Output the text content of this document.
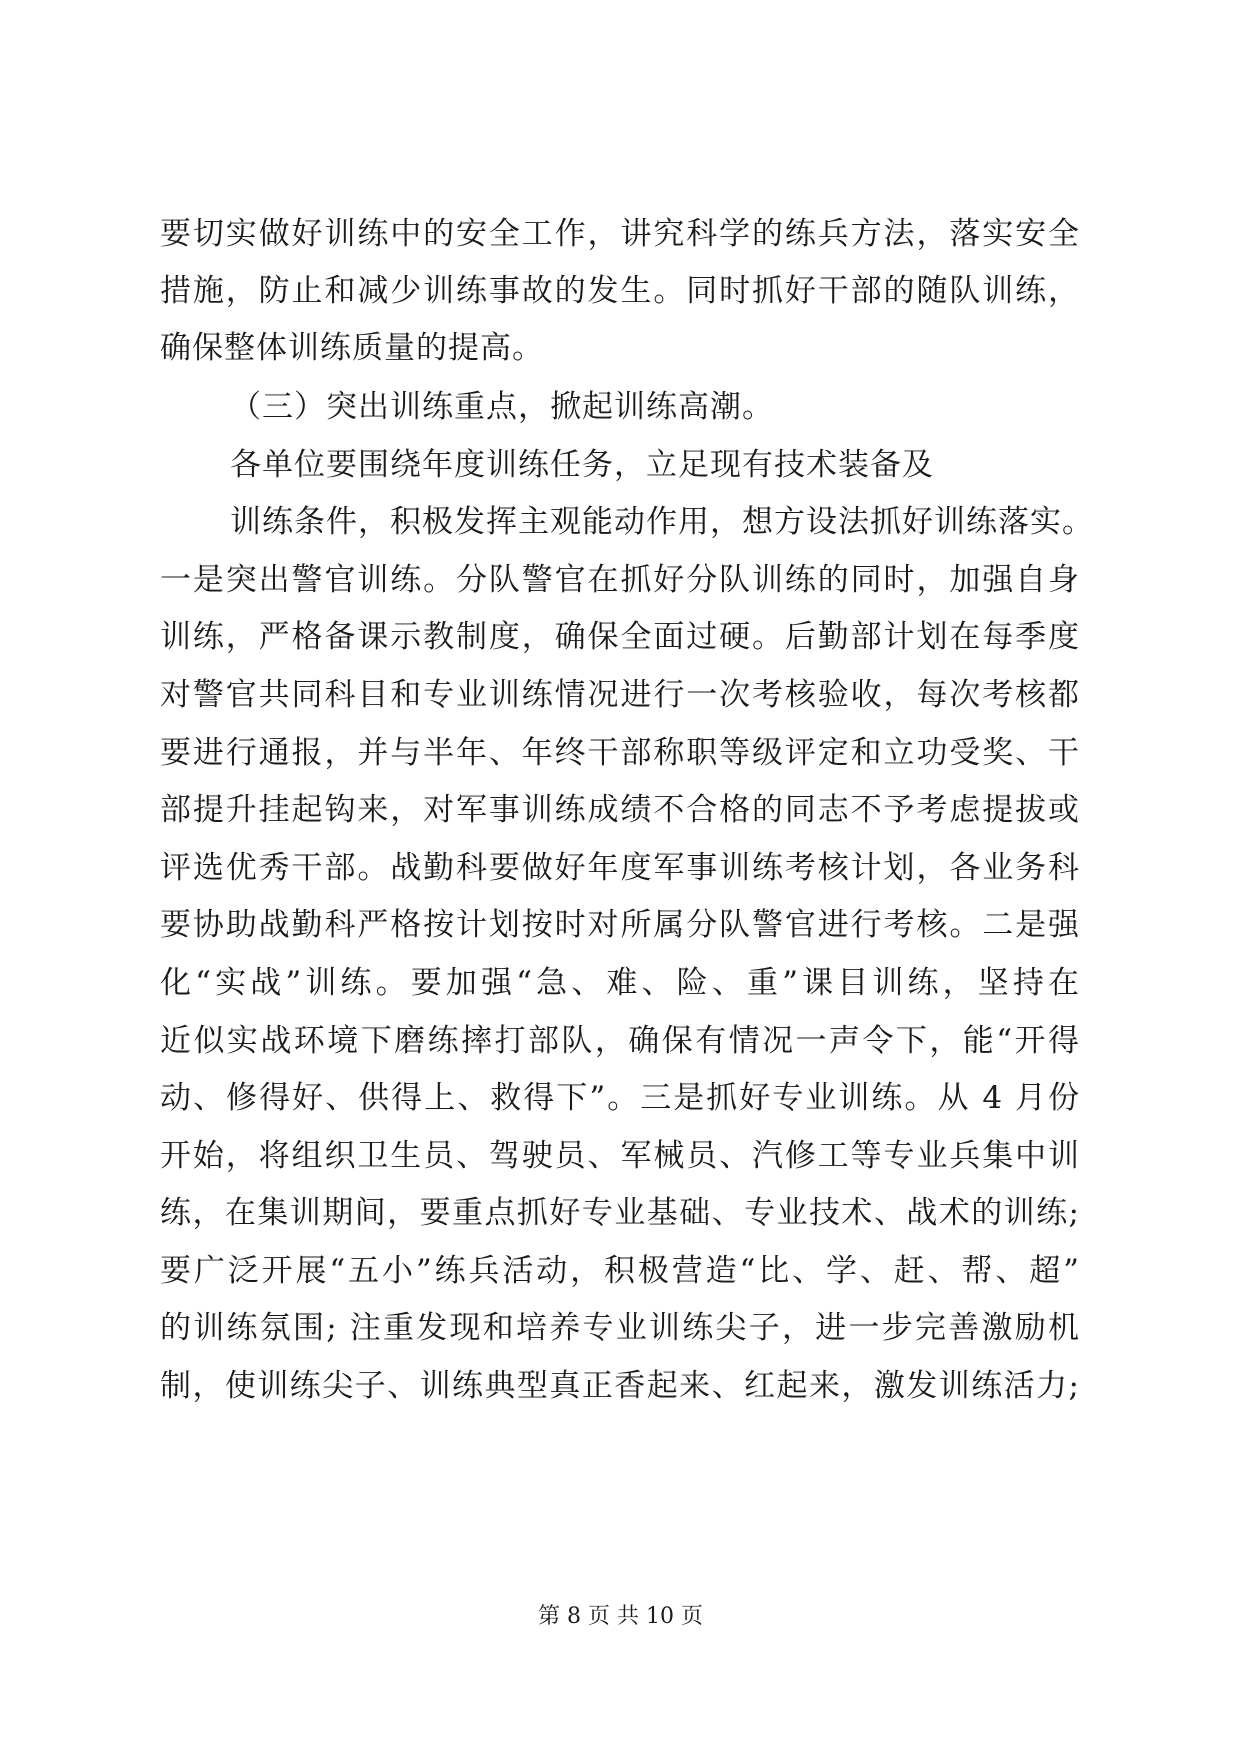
要切实做好训练中的安全工作，讲究科学的练兵方法，落实安全
措施，防止和减少训练事故的发生。同时抓好干部的随队训练，
确保整体训练质量的提高。
（三）突出训练重点，掀起训练高潮。
各单位要围绕年度训练任务，立足现有技术装备及
训练条件，积极发挥主观能动作用，想方设法抓好训练落实。
一是突出警官训练。分队警官在抓好分队训练的同时，加强自身
训练，严格备课示教制度，确保全面过硬。后勤部计划在每季度
对警官共同科目和专业训练情况进行一次考核验收，每次考核都
要进行通报，并与半年、年终干部称职等级评定和立功受奖、干
部提升挂起钩来，对军事训练成绩不合格的同志不予考虑提拔或
评选优秀干部。战勤科要做好年度军事训练考核计划，各业务科
要协助战勤科严格按计划按时对所属分队警官进行考核。二是强
化“实战”训练。要加强“急、难、险、重”课目训练，坚持在
近似实战环境下磨练摔打部队，确保有情况一声令下，能“开得
动、修得好、供得上、救得下”。三是抓好专业训练。从 4 月份
开始，将组织卫生员、驾驶员、军械员、汽修工等专业兵集中训
练，在集训期间，要重点抓好专业基础、专业技术、战术的训练;
要广泛开展“五小”练兵活动，积极营造“比、学、赶、帮、超”
的训练氛围; 注重发现和培养专业训练尖子，进一步完善激励机
制，使训练尖子、训练典型真正香起来、红起来，激发训练活力;
第 8 页 共 10 页
